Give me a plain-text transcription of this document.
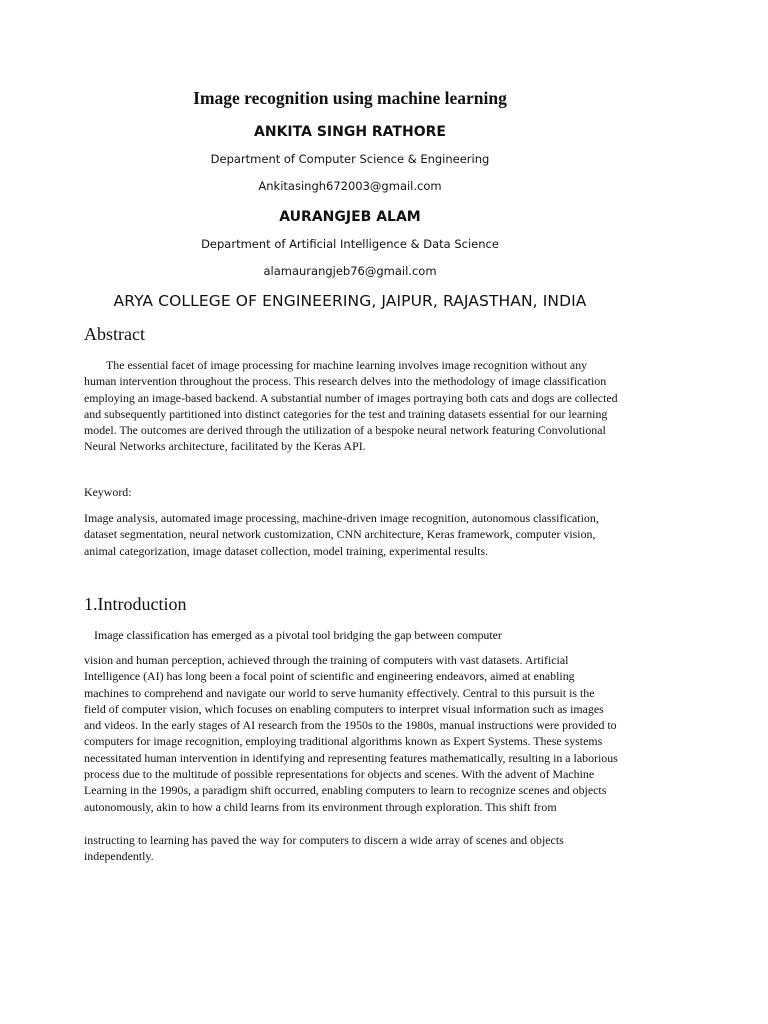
Image recognition using machine learning
ANKITA SINGH RATHORE
Department of Computer Science & Engineering
Ankitasingh672003@gmail.com
AURANGJEB ALAM
Department of Artificial Intelligence & Data Science
alamaurangjeb76@gmail.com
ARYA COLLEGE OF ENGINEERING, JAIPUR, RAJASTHAN, INDIA
Abstract
The essential facet of image processing for machine learning involves image recognition without any human intervention throughout the process. This research delves into the methodology of image classification employing an image-based backend. A substantial number of images portraying both cats and dogs are collected and subsequently partitioned into distinct categories for the test and training datasets essential for our learning model. The outcomes are derived through the utilization of a bespoke neural network featuring Convolutional Neural Networks architecture, facilitated by the Keras API.
Keyword:
Image analysis, automated image processing, machine-driven image recognition, autonomous classification, dataset segmentation, neural network customization, CNN architecture, Keras framework, computer vision, animal categorization, image dataset collection, model training, experimental results.
1.Introduction
Image classification has emerged as a pivotal tool bridging the gap between computer
vision and human perception, achieved through the training of computers with vast datasets. Artificial Intelligence (AI) has long been a focal point of scientific and engineering endeavors, aimed at enabling machines to comprehend and navigate our world to serve humanity effectively. Central to this pursuit is the field of computer vision, which focuses on enabling computers to interpret visual information such as images and videos. In the early stages of AI research from the 1950s to the 1980s, manual instructions were provided to computers for image recognition, employing traditional algorithms known as Expert Systems. These systems necessitated human intervention in identifying and representing features mathematically, resulting in a laborious process due to the multitude of possible representations for objects and scenes. With the advent of Machine Learning in the 1990s, a paradigm shift occurred, enabling computers to learn to recognize scenes and objects autonomously, akin to how a child learns from its environment through exploration. This shift from
instructing to learning has paved the way for computers to discern a wide array of scenes and objects independently.
